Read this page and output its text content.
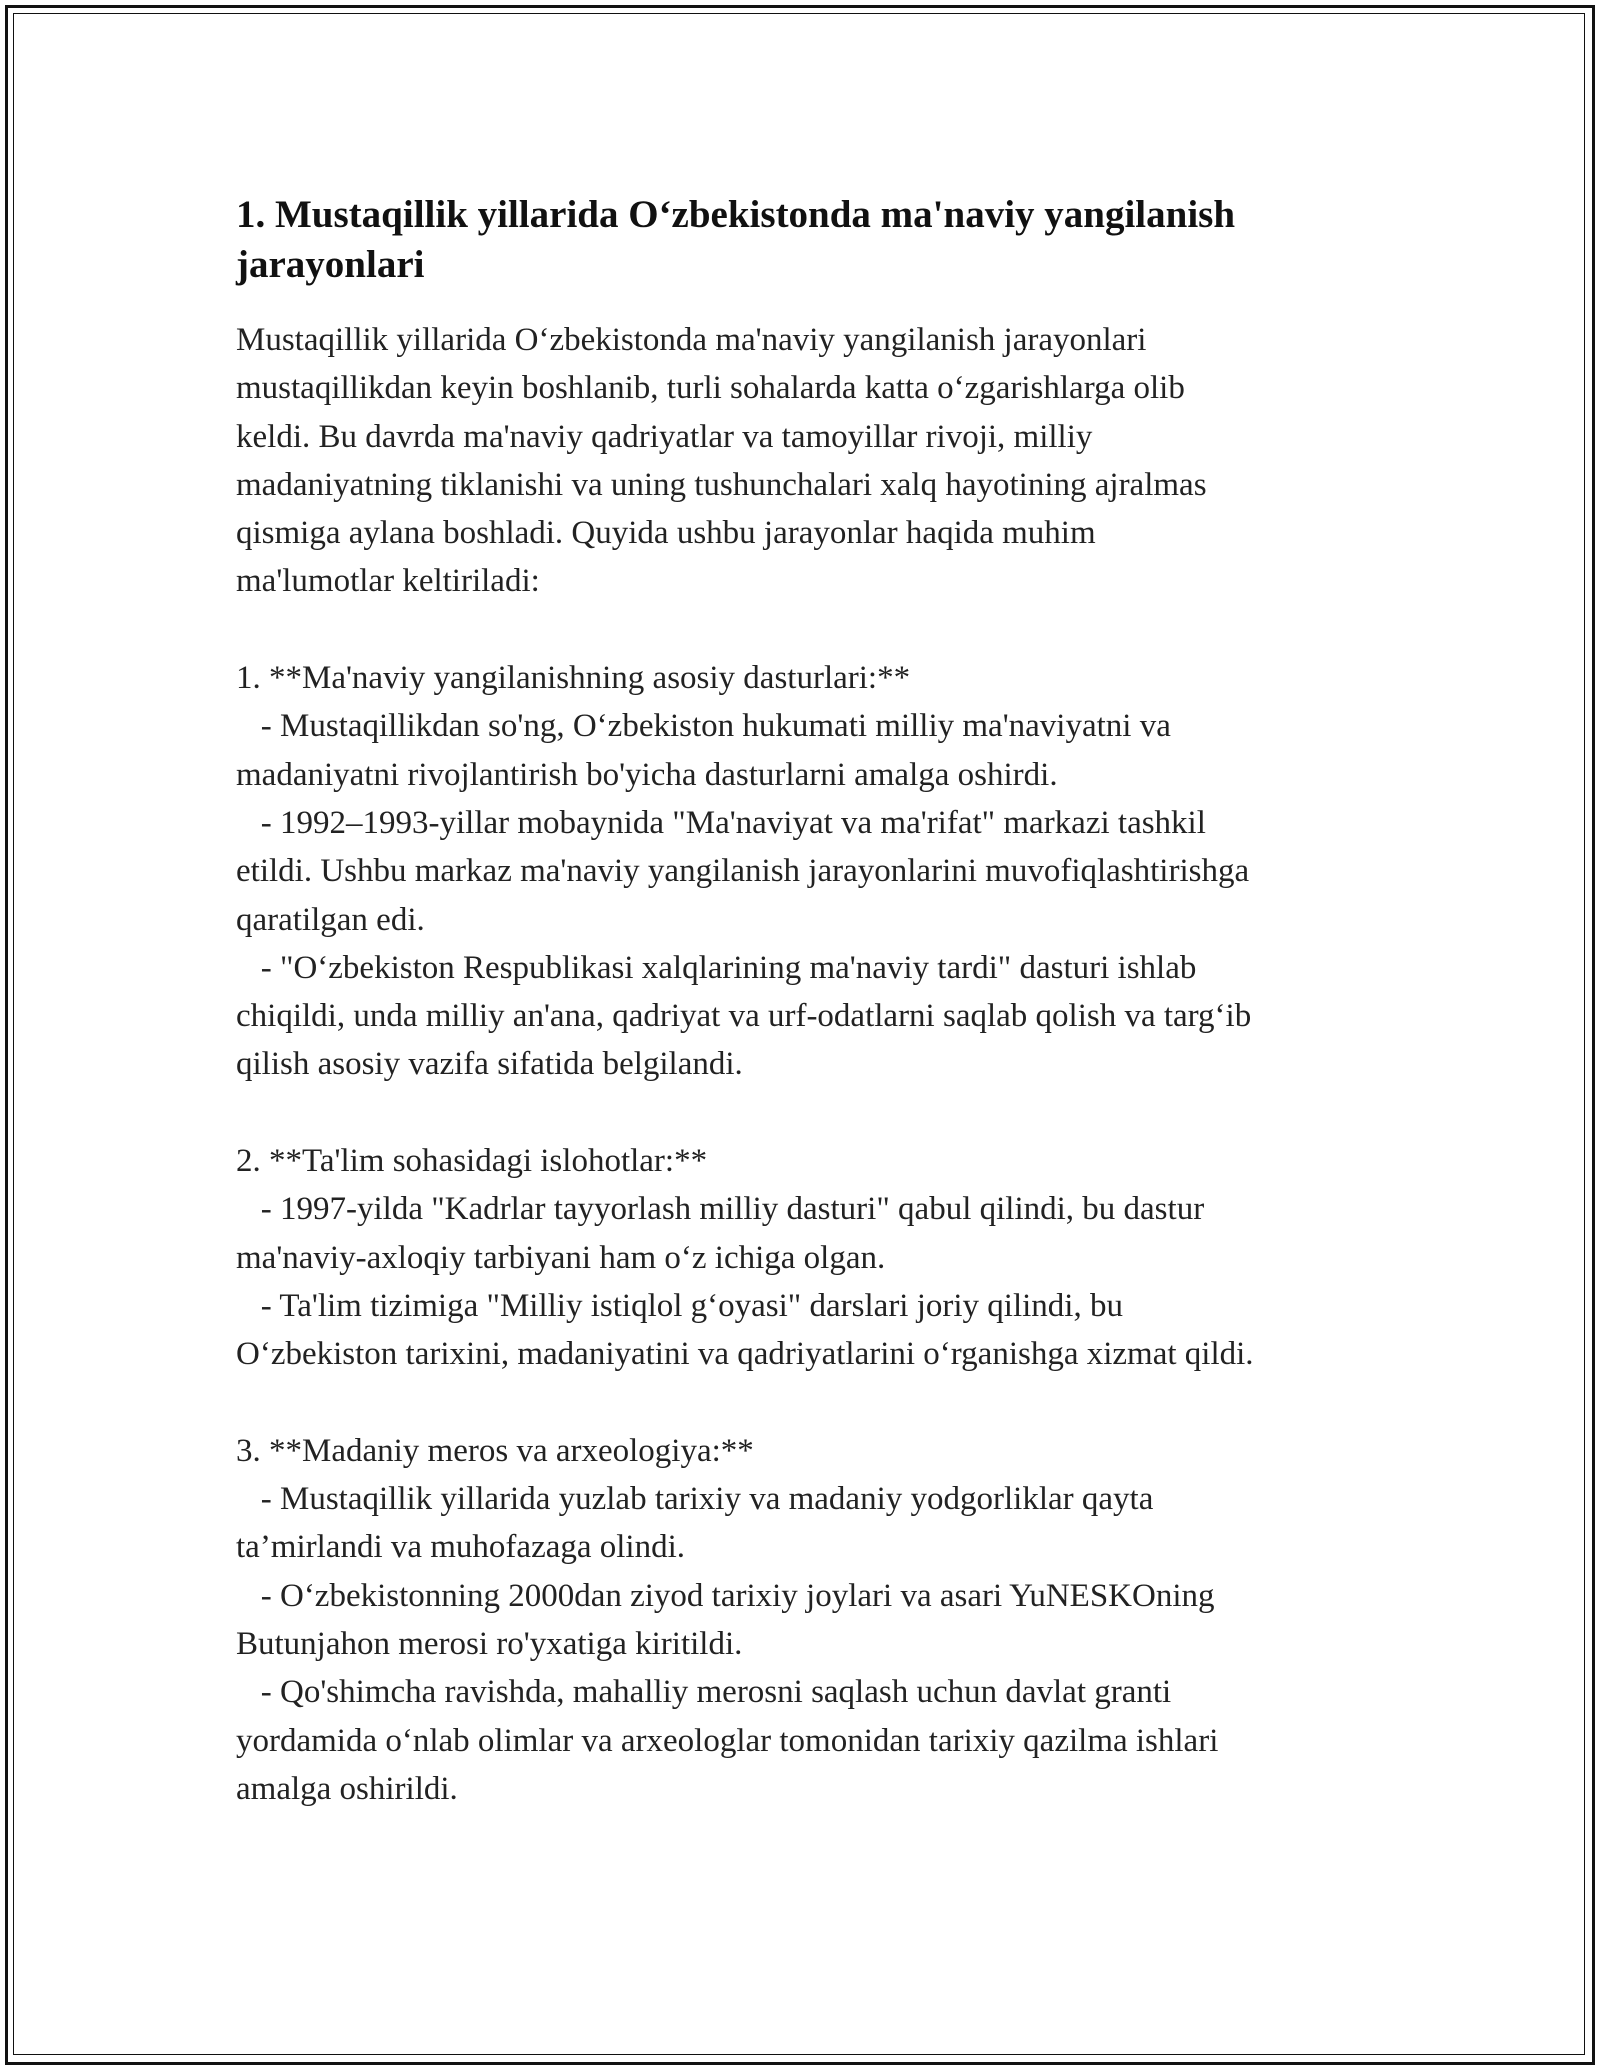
1. Mustaqillik yillarida O‘zbekistonda ma'naviy yangilanish
jarayonlari

Mustaqillik yillarida O‘zbekistonda ma'naviy yangilanish jarayonlari
mustaqillikdan keyin boshlanib, turli sohalarda katta o‘zgarishlarga olib
keldi. Bu davrda ma'naviy qadriyatlar va tamoyillar rivoji, milliy
madaniyatning tiklanishi va uning tushunchalari xalq hayotining ajralmas
qismiga aylana boshladi. Quyida ushbu jarayonlar haqida muhim
ma'lumotlar keltiriladi:

1. **Ma'naviy yangilanishning asosiy dasturlari:**
- Mustaqillikdan so'ng, O‘zbekiston hukumati milliy ma'naviyatni va
madaniyatni rivojlantirish bo'yicha dasturlarni amalga oshirdi.
- 1992–1993-yillar mobaynida "Ma'naviyat va ma'rifat" markazi tashkil
etildi. Ushbu markaz ma'naviy yangilanish jarayonlarini muvofiqlashtirishga
qaratilgan edi.
- "O‘zbekiston Respublikasi xalqlarining ma'naviy tardi" dasturi ishlab
chiqildi, unda milliy an'ana, qadriyat va urf-odatlarni saqlab qolish va targ‘ib
qilish asosiy vazifa sifatida belgilandi.
2. **Ta'lim sohasidagi islohotlar:**
- 1997-yilda "Kadrlar tayyorlash milliy dasturi" qabul qilindi, bu dastur
ma'naviy-axloqiy tarbiyani ham o‘z ichiga olgan.
- Ta'lim tizimiga "Milliy istiqlol g‘oyasi" darslari joriy qilindi, bu
O‘zbekiston tarixini, madaniyatini va qadriyatlarini o‘rganishga xizmat qildi.
3. **Madaniy meros va arxeologiya:**
- Mustaqillik yillarida yuzlab tarixiy va madaniy yodgorliklar qayta
ta’mirlandi va muhofazaga olindi.
- O‘zbekistonning 2000dan ziyod tarixiy joylari va asari YuNESKOning
Butunjahon merosi ro'yxatiga kiritildi.
- Qo'shimcha ravishda, mahalliy merosni saqlash uchun davlat granti
yordamida o‘nlab olimlar va arxeologlar tomonidan tarixiy qazilma ishlari
amalga oshirildi.
